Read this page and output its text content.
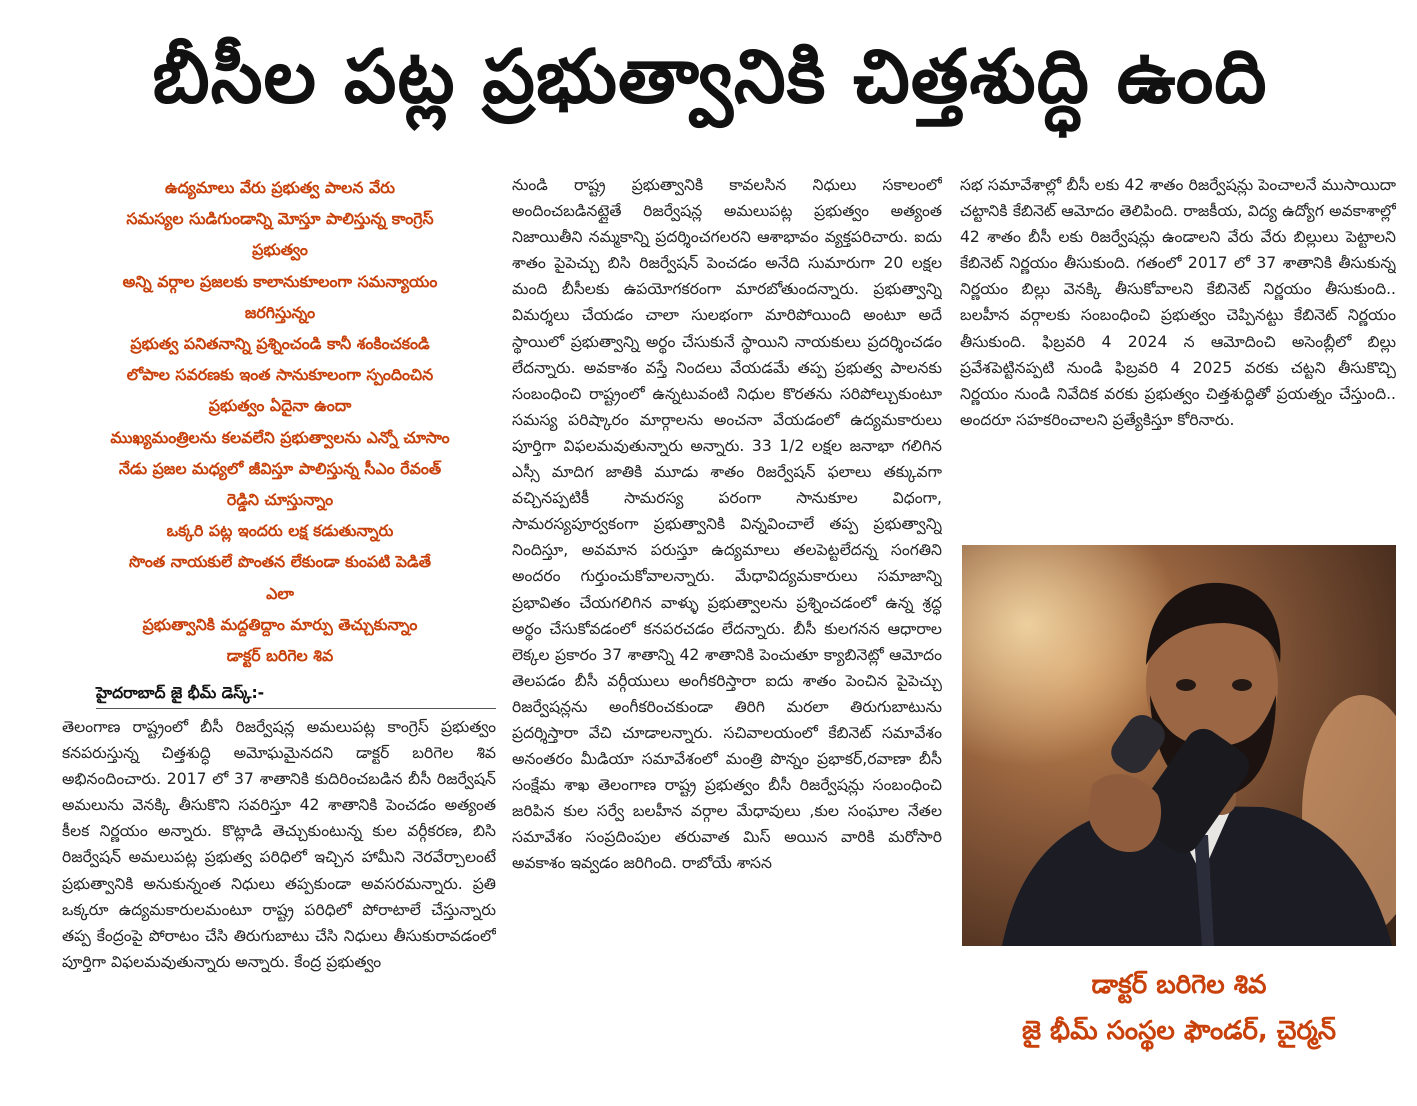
బీసీల పట్ల ప్రభుత్వానికి చిత్తశుద్ధి ఉంది
ఉద్యమాలు వేరు ప్రభుత్వ పాలన వేరు
సమస్యల సుడిగుండాన్ని మోస్తూ పాలిస్తున్న కాంగ్రెస్
ప్రభుత్వం
అన్ని వర్గాల ప్రజలకు కాలానుకూలంగా సమన్యాయం
జరగిస్తున్నం
ప్రభుత్వ పనితనాన్ని ప్రశ్నించండి కానీ శంకించకండి
లోపాల సవరణకు ఇంత సానుకూలంగా స్పందించిన
ప్రభుత్వం ఏదైనా ఉందా
ముఖ్యమంత్రిలను కలవలేని ప్రభుత్వాలను ఎన్నో చూసాం
నేడు ప్రజల మధ్యలో జీవిస్తూ పాలిస్తున్న సీఎం రేవంత్
రెడ్డిని చూస్తున్నాం
ఒక్కరి పట్ల ఇందరు లక్ష కడుతున్నారు
సొంత నాయకులే పొంతన లేకుండా కుంపటి పెడితే
ఎలా
ప్రభుత్వానికి మద్దతిద్దాం మార్పు తెచ్చుకున్నాం
డాక్టర్ బరిగెల శివ
హైదరాబాద్ జై భీమ్ డెస్క్:-

తెలంగాణ రాష్ట్రంలో బీసీ రిజర్వేషన్ల అమలుపట్ల కాంగ్రెస్ ప్రభుత్వం కనపరుస్తున్న చిత్తశుద్ధి అమోఘమైనదని డాక్టర్ బరిగెల శివ అభినందించారు. 2017 లో 37 శాతానికి కుదిరించబడిన బీసీ రిజర్వేషన్ అమలును వెనక్కి తీసుకొని సవరిస్తూ 42 శాతానికి పెంచడం అత్యంత కీలక నిర్ణయం అన్నారు. కొట్లాడి తెచ్చుకుంటున్న కుల వర్గీకరణ, బిసి రిజర్వేషన్ అమలుపట్ల ప్రభుత్వ పరిధిలో ఇచ్చిన హామీని నెరవేర్చాలంటే ప్రభుత్వానికి అనుకున్నంత నిధులు తప్పకుండా అవసరమన్నారు. ప్రతి ఒక్కరూ ఉద్యమకారులమంటూ రాష్ట్ర పరిధిలో పోరాటాలే చేస్తున్నారు తప్ప కేంద్రంపై పోరాటం చేసి తిరుగుబాటు చేసి నిధులు తీసుకురావడంలో పూర్తిగా విఫలమవుతున్నారు అన్నారు. కేంద్ర ప్రభుత్వం

నుండి రాష్ట్ర ప్రభుత్వానికి కావలసిన నిధులు సకాలంలో అందించబడినట్లైతే రిజర్వేషన్ల అమలుపట్ల ప్రభుత్వం అత్యంత నిజాయితీని నమ్మకాన్ని ప్రదర్శించగలరని ఆశాభావం వ్యక్తపరిచారు. ఐదు శాతం పైపెచ్చు బిసి రిజర్వేషన్ పెంచడం అనేది సుమారుగా 20 లక్షల మంది బీసీలకు ఉపయోగకరంగా మారబోతుందన్నారు. ప్రభుత్వాన్ని విమర్శలు చేయడం చాలా సులభంగా మారిపోయింది అంటూ అదే స్థాయిలో ప్రభుత్వాన్ని అర్థం చేసుకునే స్థాయిని నాయకులు ప్రదర్శించడం లేదన్నారు. అవకాశం వస్తే నిందలు వేయడమే తప్ప ప్రభుత్వ పాలనకు సంబంధించి రాష్ట్రంలో ఉన్నటువంటి నిధుల కొరతను సరిపోల్చుకుంటూ సమస్య పరిష్కారం మార్గాలను అంచనా వేయడంలో ఉద్యమకారులు పూర్తిగా విఫలమవుతున్నారు అన్నారు. 33 1/2 లక్షల జనాభా గలిగిన ఎస్సీ మాదిగ జాతికి మూడు శాతం రిజర్వేషన్ ఫలాలు తక్కువగా వచ్చినప్పటికీ సామరస్య పరంగా సానుకూల విధంగా, సామరస్యపూర్వకంగా ప్రభుత్వానికి విన్నవించాలే తప్ప ప్రభుత్వాన్ని నిందిస్తూ, అవమాన పరుస్తూ ఉద్యమాలు తలపెట్టలేదన్న సంగతిని అందరం గుర్తుంచుకోవాలన్నారు. మేధావిద్యమకారులు సమాజాన్ని ప్రభావితం చేయగలిగిన వాళ్ళు ప్రభుత్వాలను ప్రశ్నించడంలో ఉన్న శ్రద్ధ అర్థం చేసుకోవడంలో కనపరచడం లేదన్నారు. బీసీ కులగనన ఆధారాల లెక్కల ప్రకారం 37 శాతాన్ని 42 శాతానికి పెంచుతూ క్యాబినెట్లో ఆమోదం తెలపడం బీసీ వర్గీయులు అంగీకరిస్తారా ఐదు శాతం పెంచిన పైపెచ్చు రిజర్వేషన్లను అంగీకరించకుండా తిరిగి మరలా తిరుగుబాటును ప్రదర్శిస్తారా వేచి చూడాలన్నారు. సచివాలయంలో కేబినెట్ సమావేశం అనంతరం మీడియా సమావేశంలో మంత్రి పొన్నం ప్రభాకర్,రవాణా బీసీ సంక్షేమ శాఖ తెలంగాణ రాష్ట్ర ప్రభుత్వం బీసీ రిజర్వేషన్లు సంబంధించి జరిపిన కుల సర్వే బలహీన వర్గాల మేధావులు ,కుల సంఘాల నేతల సమావేశం సంప్రదింపుల తరువాత మిస్ అయిన వారికి మరోసారి అవకాశం ఇవ్వడం జరిగింది. రాబోయే శాసన

సభ సమావేశాల్లో బీసీ లకు 42 శాతం రిజర్వేషన్లు పెంచాలనే ముసాయిదా చట్టానికి కేబినెట్ ఆమోదం తెలిపింది. రాజకీయ, విద్య ఉద్యోగ అవకాశాల్లో 42 శాతం బీసీ లకు రిజర్వేషన్లు ఉండాలని వేరు వేరు బిల్లులు పెట్టాలని కేబినెట్ నిర్ణయం తీసుకుంది. గతంలో 2017 లో 37 శాతానికి తీసుకున్న నిర్ణయం బిల్లు వెనక్కి తీసుకోవాలని కేబినెట్ నిర్ణయం తీసుకుంది.. బలహీన వర్గాలకు సంబంధించి ప్రభుత్వం చెప్పినట్టు కేబినెట్ నిర్ణయం తీసుకుంది. ఫిబ్రవరి 4 2024 న ఆమోదించి అసెంబ్లీలో బిల్లు ప్రవేశపెట్టినప్పటి నుండి ఫిబ్రవరి 4 2025 వరకు చట్టని తీసుకొచ్చి నిర్ణయం నుండి నివేదిక వరకు ప్రభుత్వం చిత్తశుద్ధితో ప్రయత్నం చేస్తుంది.. అందరూ సహకరించాలని ప్రత్యేకిస్తూ కోరినారు.

డాక్టర్ బరిగెల శివ
జై భీమ్ సంస్థల ఫౌండర్, చైర్మన్
